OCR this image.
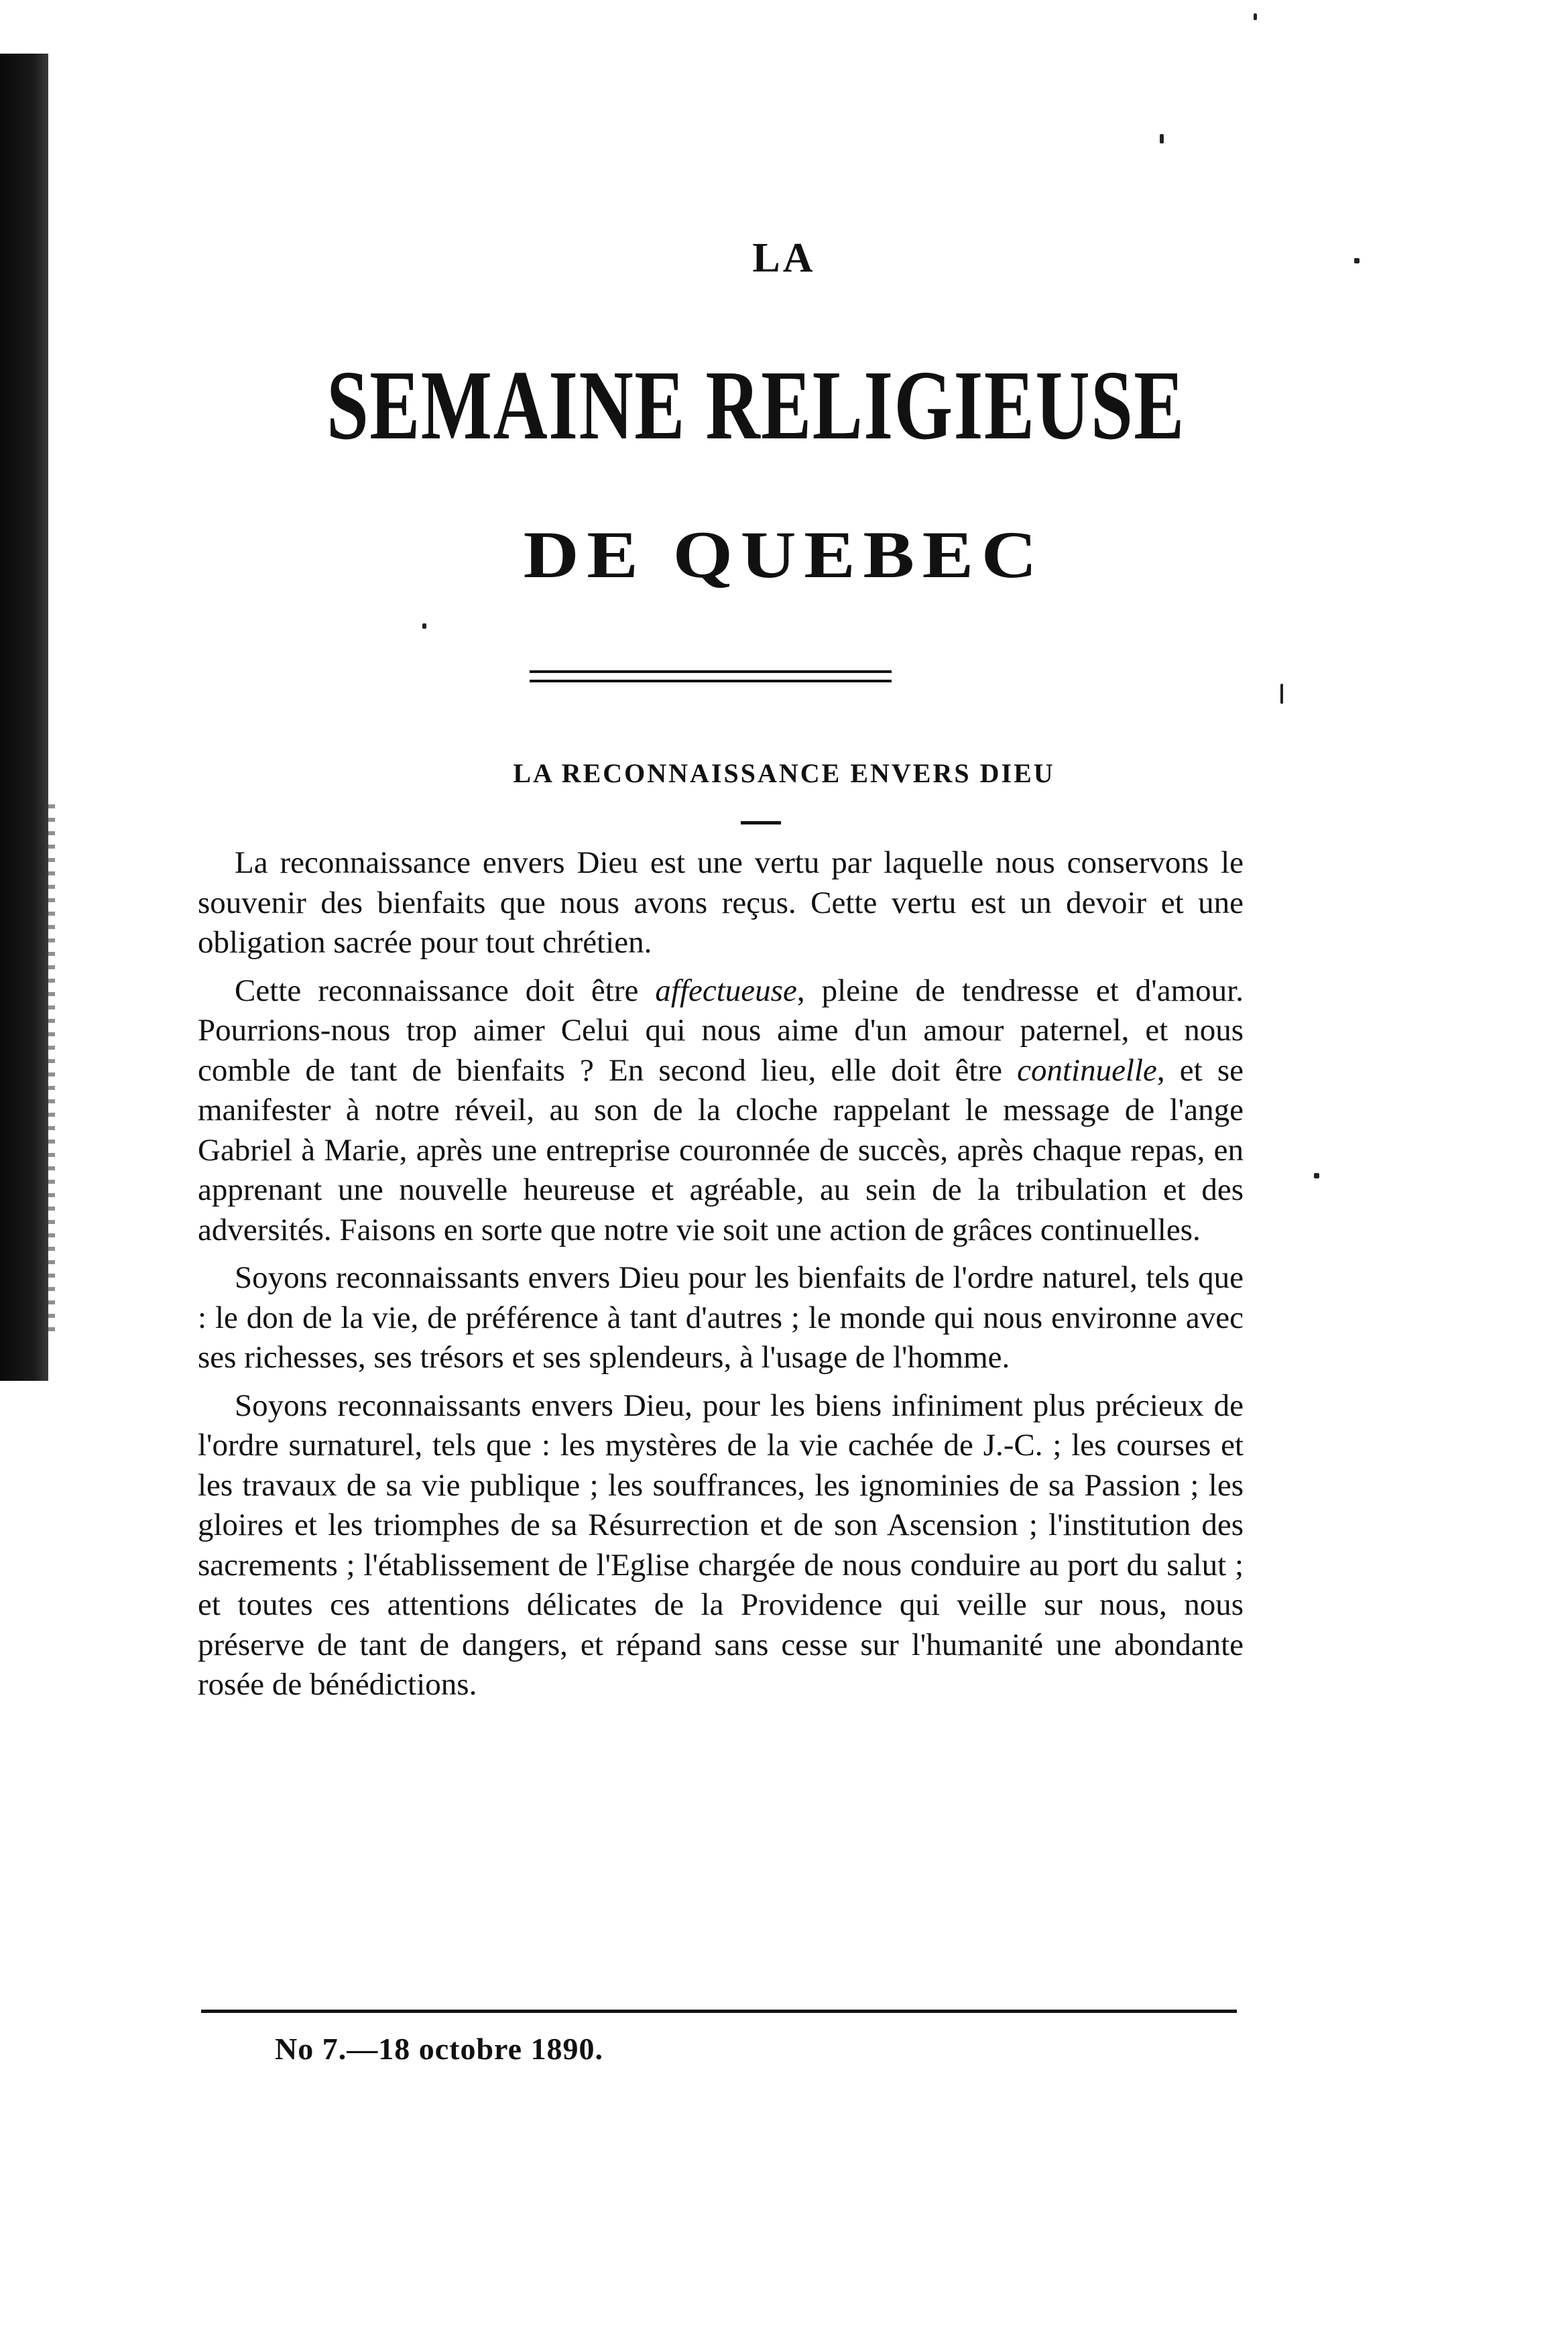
LA
SEMAINE RELIGIEUSE
DE QUEBEC
LA RECONNAISSANCE ENVERS DIEU

La reconnaissance envers Dieu est une vertu par laquelle nous conservons le souvenir des bienfaits que nous avons reçus. Cette vertu est un devoir et une obligation sacrée pour tout chrétien.

Cette reconnaissance doit être affectueuse, pleine de tendresse et d'amour. Pourrions-nous trop aimer Celui qui nous aime d'un amour paternel, et nous comble de tant de bienfaits ? En second lieu, elle doit être continuelle, et se manifester à notre réveil, au son de la cloche rappelant le message de l'ange Gabriel à Marie, après une entreprise couronnée de succès, après chaque repas, en apprenant une nouvelle heureuse et agréable, au sein de la tribulation et des adversités. Faisons en sorte que notre vie soit une action de grâces continuelles.

Soyons reconnaissants envers Dieu pour les bienfaits de l'ordre naturel, tels que : le don de la vie, de préférence à tant d'autres ; le monde qui nous environne avec ses richesses, ses trésors et ses splendeurs, à l'usage de l'homme.

Soyons reconnaissants envers Dieu, pour les biens infiniment plus précieux de l'ordre surnaturel, tels que : les mystères de la vie cachée de J.-C. ; les courses et les travaux de sa vie publique ; les souffrances, les ignominies de sa Passion ; les gloires et les triomphes de sa Résurrection et de son Ascension ; l'institution des sacrements ; l'établissement de l'Eglise chargée de nous conduire au port du salut ; et toutes ces attentions délicates de la Providence qui veille sur nous, nous préserve de tant de dangers, et répand sans cesse sur l'humanité une abondante rosée de bénédictions.

No 7.—18 octobre 1890.
